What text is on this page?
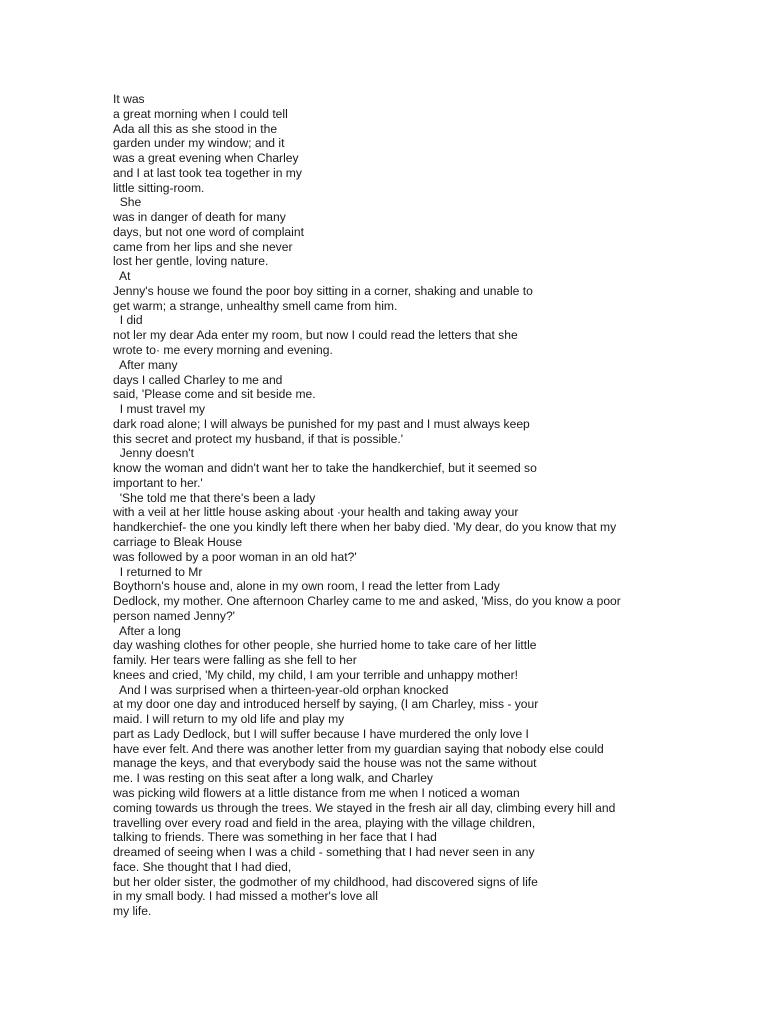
It was
a great morning when I could tell
Ada all this as she stood in the
garden under my window; and it
was a great evening when Charley
and I at last took tea together in my
little sitting-room.
She
was in danger of death for many
days, but not one word of complaint
came from her lips and she never
lost her gentle, loving nature.
At
Jenny's house we found the poor boy sitting in a corner, shaking and unable to
get warm; a strange, unhealthy smell came from him.
I did
not ler my dear Ada enter my room, but now I could read the letters that she
wrote to· me every morning and evening.
After many
days I called Charley to me and
said, 'Please come and sit beside me.
I must travel my
dark road alone; I will always be punished for my past and I must always keep
this secret and protect my husband, if that is possible.'
Jenny doesn't
know the woman and didn't want her to take the handkerchief, but it seemed so
important to her.'
'She told me that there's been a lady
with a veil at her little house asking about ·your health and taking away your
handkerchief- the one you kindly left there when her baby died. 'My dear, do you know that my
carriage to Bleak House
was followed by a poor woman in an old hat?'
I returned to Mr
Boythorn's house and, alone in my own room, I read the letter from Lady
Dedlock, my mother. One afternoon Charley came to me and asked, 'Miss, do you know a poor
person named Jenny?'
After a long
day washing clothes for other people, she hurried home to take care of her little
family. Her tears were falling as she fell to her
knees and cried, 'My child, my child, I am your terrible and unhappy mother!
And I was surprised when a thirteen-year-old orphan knocked
at my door one day and introduced herself by saying, (I am Charley, miss - your
maid. I will return to my old life and play my
part as Lady Dedlock, but I will suffer because I have murdered the only love I
have ever felt. And there was another letter from my guardian saying that nobody else could
manage the keys, and that everybody said the house was not the same without
me. I was resting on this seat after a long walk, and Charley
was picking wild flowers at a little distance from me when I noticed a woman
coming towards us through the trees. We stayed in the fresh air all day, climbing every hill and
travelling over every road and field in the area, playing with the village children,
talking to friends. There was something in her face that I had
dreamed of seeing when I was a child - something that I had never seen in any
face. She thought that I had died,
but her older sister, the godmother of my childhood, had discovered signs of life
in my small body. I had missed a mother's love all
my life.
